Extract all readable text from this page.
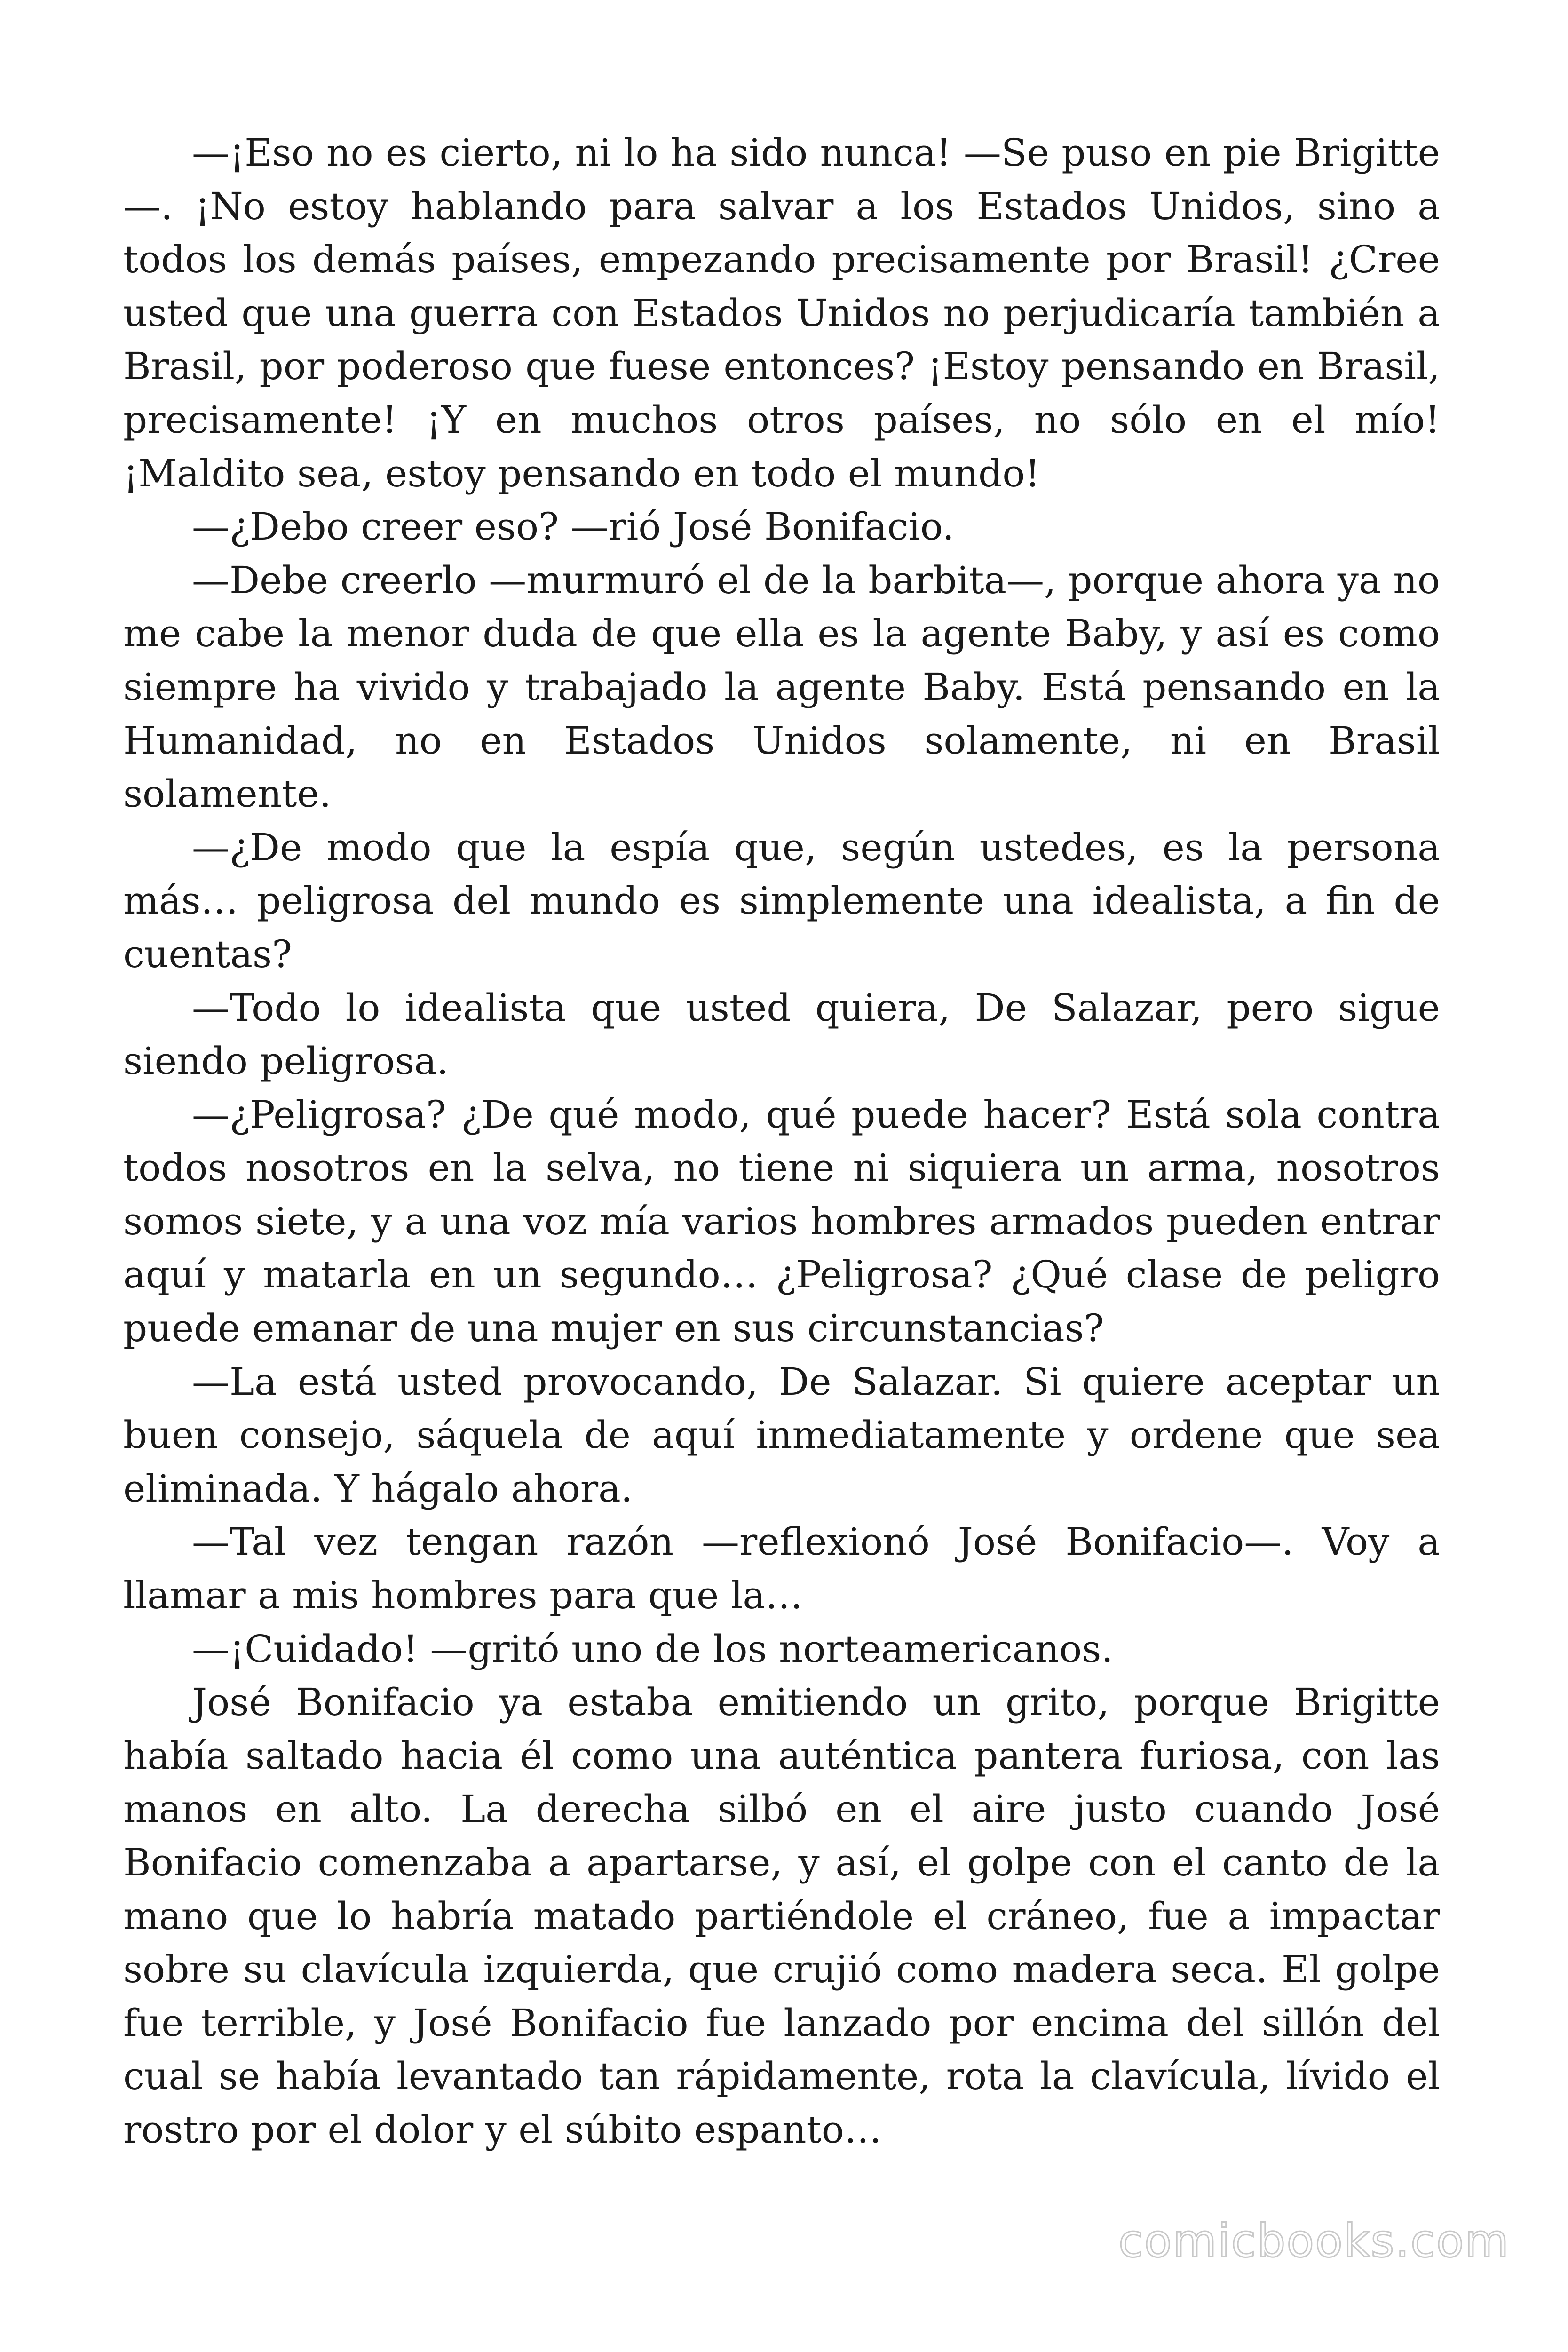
—¡Eso no es cierto, ni lo ha sido nunca! —Se puso en pie Brigitte—. ¡No estoy hablando para salvar a los Estados Unidos, sino a todos los demás países, empezando precisamente por Brasil! ¿Cree usted que una guerra con Estados Unidos no perjudicaría también a Brasil, por poderoso que fuese entonces? ¡Estoy pensando en Brasil, precisamente! ¡Y en muchos otros países, no sólo en el mío! ¡Maldito sea, estoy pensando en todo el mundo!

—¿Debo creer eso? —rió José Bonifacio.

—Debe creerlo —murmuró el de la barbita—, porque ahora ya no me cabe la menor duda de que ella es la agente Baby, y así es como siempre ha vivido y trabajado la agente Baby. Está pensando en la Humanidad, no en Estados Unidos solamente, ni en Brasil solamente.

—¿De modo que la espía que, según ustedes, es la persona más… peligrosa del mundo es simplemente una idealista, a fin de cuentas?

—Todo lo idealista que usted quiera, De Salazar, pero sigue siendo peligrosa.

—¿Peligrosa? ¿De qué modo, qué puede hacer? Está sola contra todos nosotros en la selva, no tiene ni siquiera un arma, nosotros somos siete, y a una voz mía varios hombres armados pueden entrar aquí y matarla en un segundo… ¿Peligrosa? ¿Qué clase de peligro puede emanar de una mujer en sus circunstancias?

—La está usted provocando, De Salazar. Si quiere aceptar un buen consejo, sáquela de aquí inmediatamente y ordene que sea eliminada. Y hágalo ahora.

—Tal vez tengan razón —reflexionó José Bonifacio—. Voy a llamar a mis hombres para que la…

—¡Cuidado! —gritó uno de los norteamericanos.

José Bonifacio ya estaba emitiendo un grito, porque Brigitte había saltado hacia él como una auténtica pantera furiosa, con las manos en alto. La derecha silbó en el aire justo cuando José Bonifacio comenzaba a apartarse, y así, el golpe con el canto de la mano que lo habría matado partiéndole el cráneo, fue a impactar sobre su clavícula izquierda, que crujió como madera seca. El golpe fue terrible, y José Bonifacio fue lanzado por encima del sillón del cual se había levantado tan rápidamente, rota la clavícula, lívido el rostro por el dolor y el súbito espanto…

comicbooks.com
